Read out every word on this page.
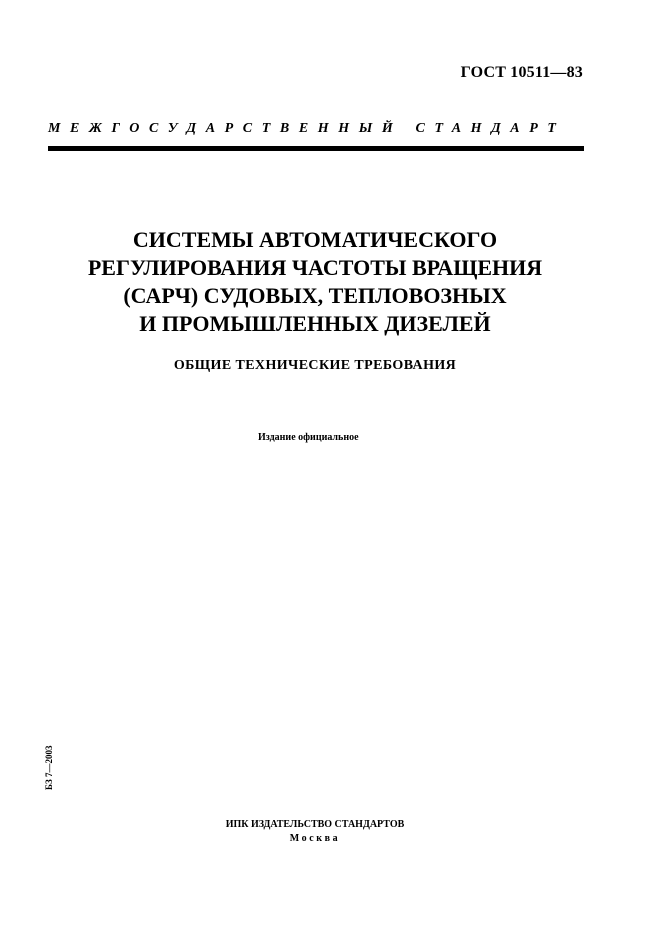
ГОСТ 10511—83
МЕЖГОСУДАРСТВЕННЫЙ СТАНДАРТ
СИСТЕМЫ АВТОМАТИЧЕСКОГО
РЕГУЛИРОВАНИЯ ЧАСТОТЫ ВРАЩЕНИЯ
(САРЧ) СУДОВЫХ, ТЕПЛОВОЗНЫХ
И ПРОМЫШЛЕННЫХ ДИЗЕЛЕЙ
ОБЩИЕ ТЕХНИЧЕСКИЕ ТРЕБОВАНИЯ
Издание официальное
БЗ 7—2003
ИПК ИЗДАТЕЛЬСТВО СТАНДАРТОВ
Москва
